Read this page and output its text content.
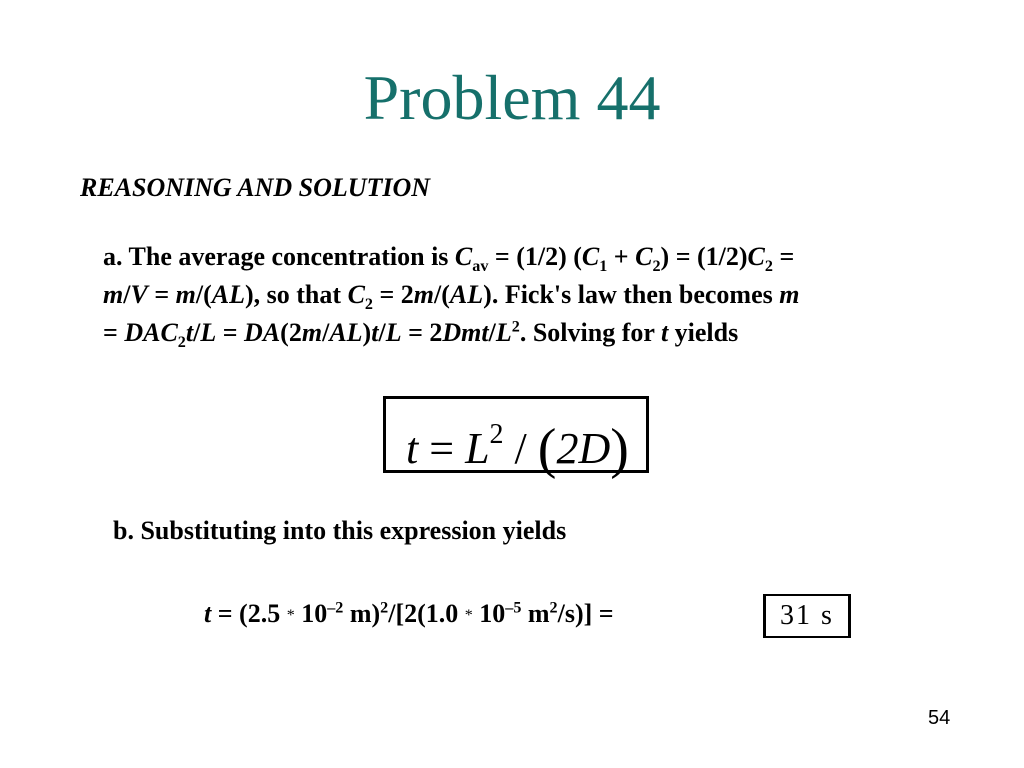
Problem 44
REASONING AND SOLUTION
a. The average concentration is $C_{av} = (1/2) (C_1 + C_2) = (1/2)C_2$ =
m/V = m/(AL), so that $C_2 = 2m/(AL)$. Fick's law then becomes m
= $DAC_2t/L = DA(2m/AL)t/L = 2Dmt/L^2$. Solving for t yields
$t = L^2 / (2D)$
b. Substituting into this expression yields
$t = (2.5 * 10^{-2}$ $m)^2/[2(1.0 * 10^{-5}$ $m^2/s$)] =	31 s
54
